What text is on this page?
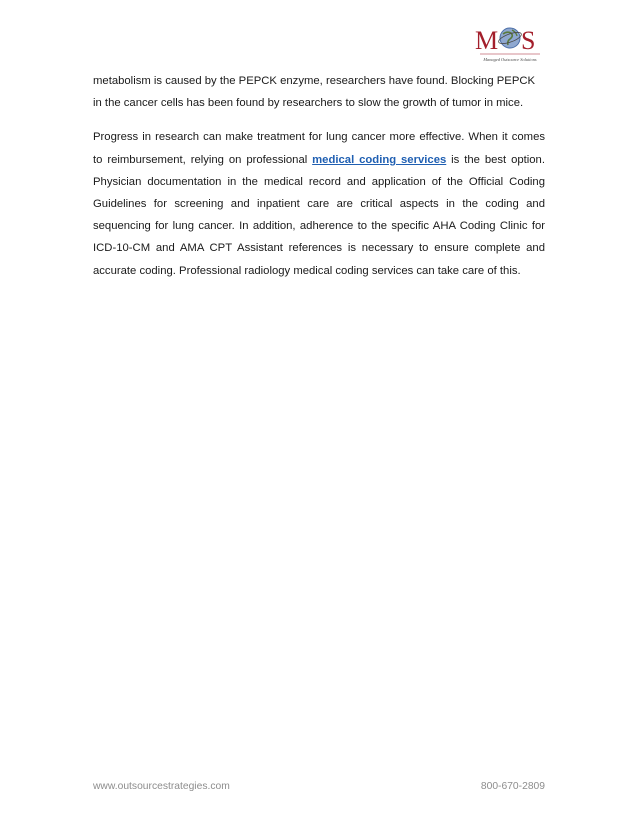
M S
Managed Outsource Solutions

metabolism is caused by the PEPCK enzyme, researchers have found. Blocking PEPCK in the cancer cells has been found by researchers to slow the growth of tumor in mice.

Progress in research can make treatment for lung cancer more effective. When it comes to reimbursement, relying on professional medical coding services is the best option. Physician documentation in the medical record and application of the Official Coding Guidelines for screening and inpatient care are critical aspects in the coding and sequencing for lung cancer. In addition, adherence to the specific AHA Coding Clinic for ICD-10-CM and AMA CPT Assistant references is necessary to ensure complete and accurate coding. Professional radiology medical coding services can take care of this.

www.outsourcestrategies.com	800-670-2809
